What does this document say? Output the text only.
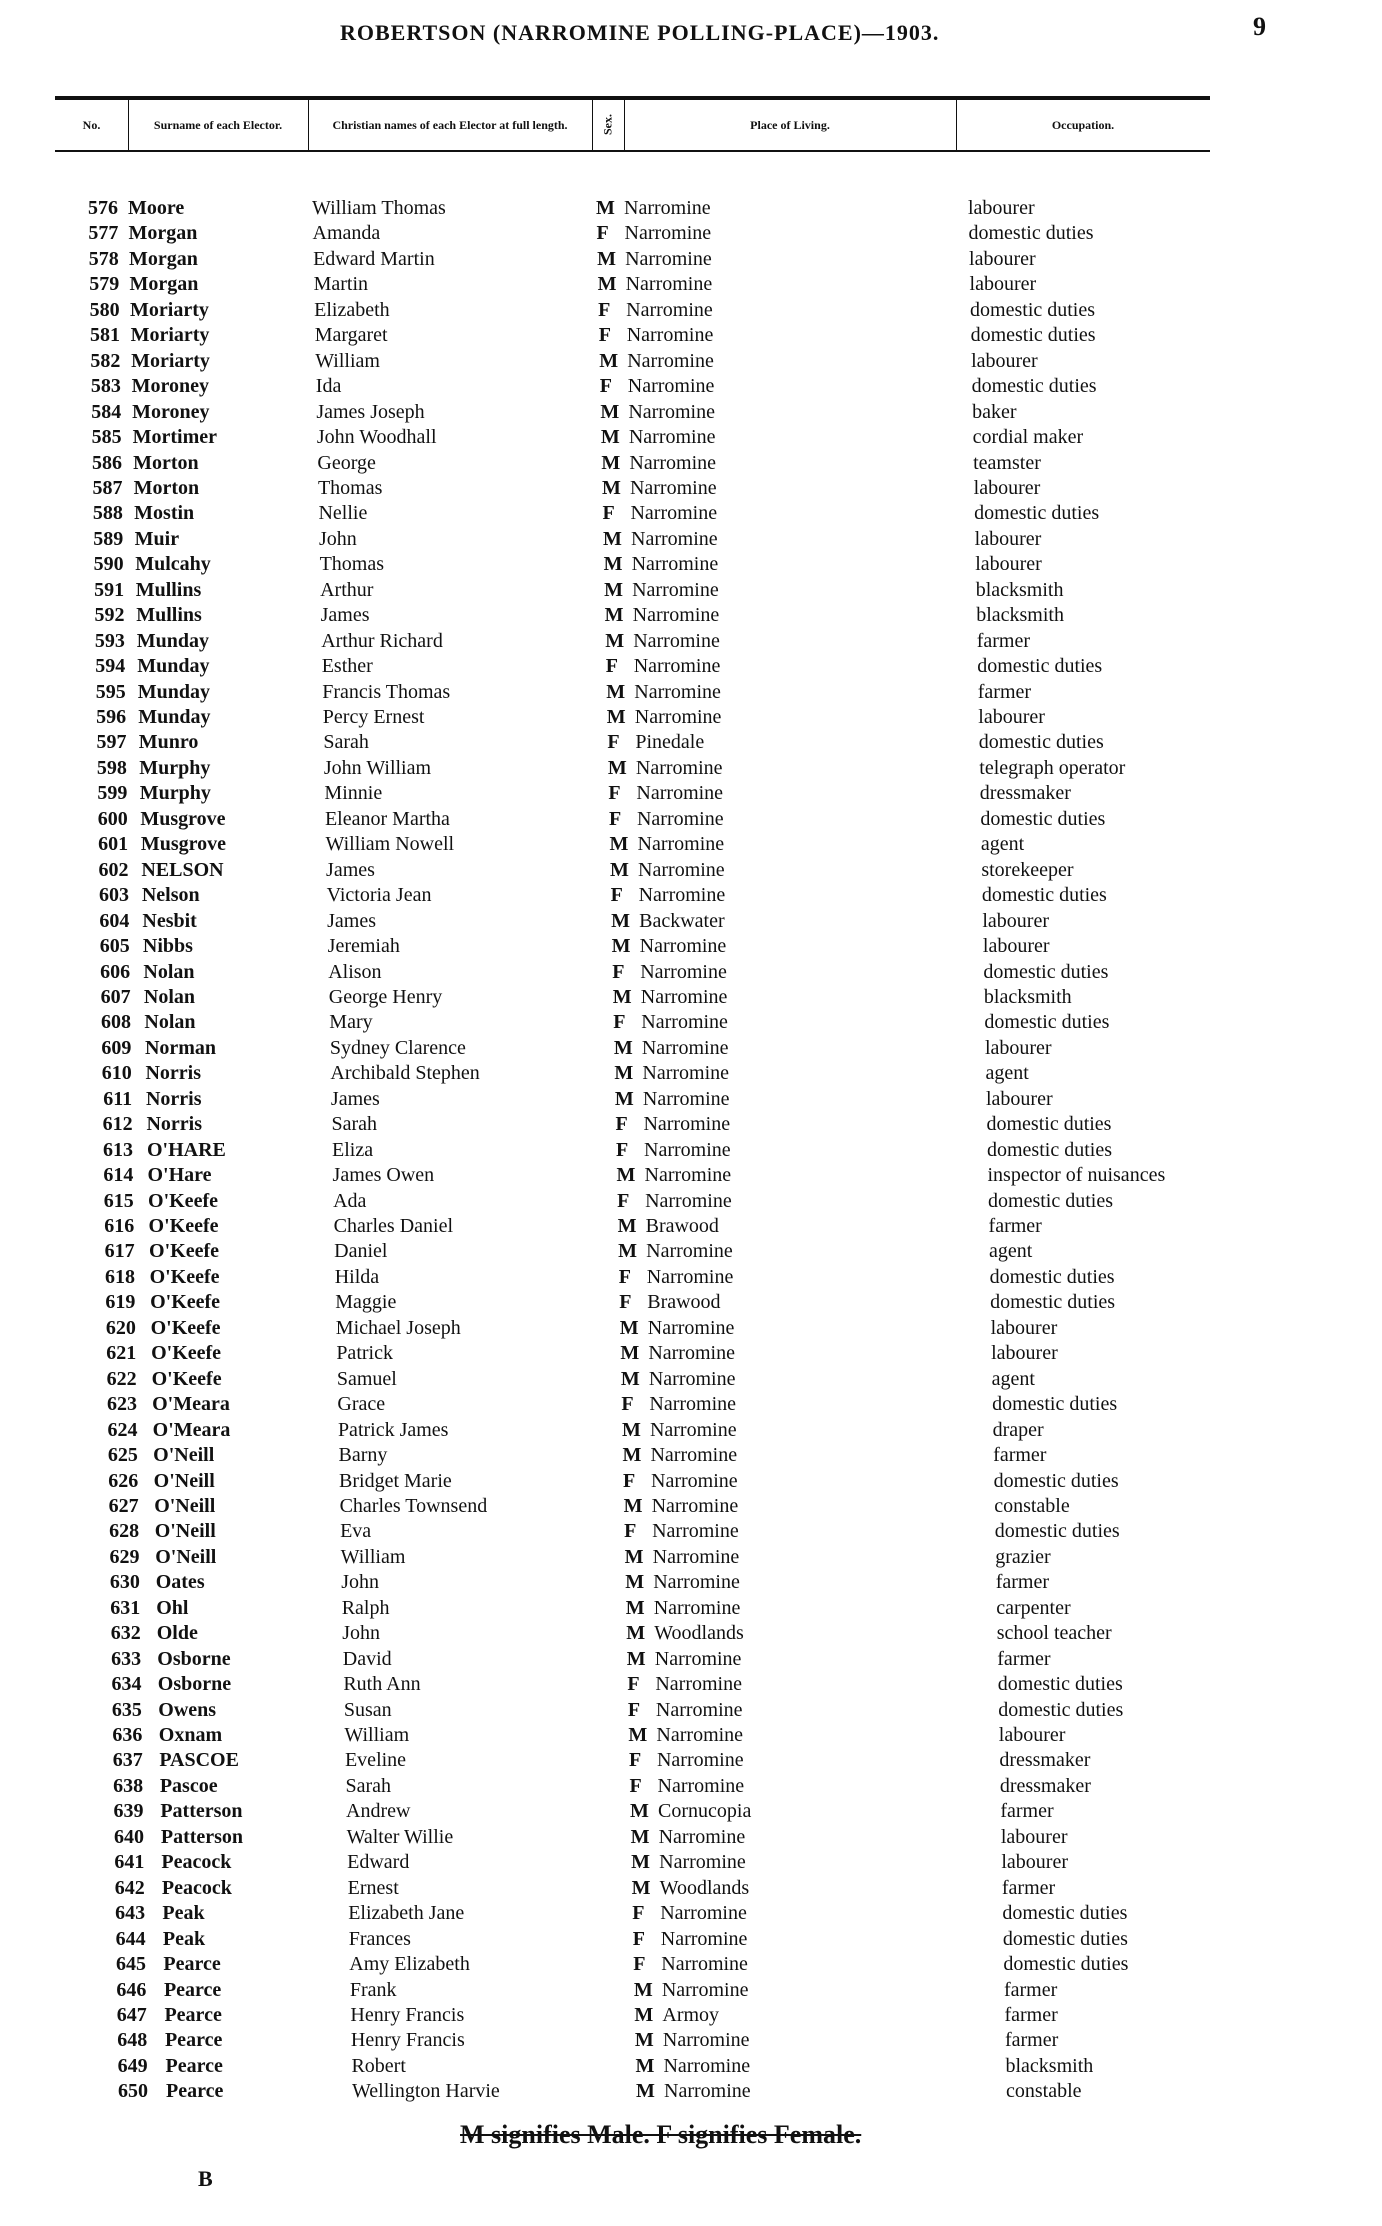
ROBERTSON (NARROMINE POLLING-PLACE)—1903.	9
No.	Surname of each Elector.	Christian names of each Elector at full length.	Sex.	Place of Living.	Occupation.
576 Moore	William Thomas	M Narromine	labourer
577 Morgan	Amanda	F Narromine	domestic duties
578 Morgan	Edward Martin	M Narromine	labourer
579 Morgan	Martin	M Narromine	labourer
580 Moriarty	Elizabeth	F Narromine	domestic duties
581 Moriarty	Margaret	F Narromine	domestic duties
582 Moriarty	William	M Narromine	labourer
583 Moroney	Ida	F Narromine	domestic duties
584 Moroney	James Joseph	M Narromine	baker
585 Mortimer	John Woodhall	M Narromine	cordial maker
586 Morton	George	M Narromine	teamster
587 Morton	Thomas	M Narromine	labourer
588 Mostin	Nellie	F Narromine	domestic duties
589 Muir	John	M Narromine	labourer
590 Mulcahy	Thomas	M Narromine	labourer
591 Mullins	Arthur	M Narromine	blacksmith
592 Mullins	James	M Narromine	blacksmith
593 Munday	Arthur Richard	M Narromine	farmer
594 Munday	Esther	F Narromine	domestic duties
595 Munday	Francis Thomas	M Narromine	farmer
596 Munday	Percy Ernest	M Narromine	labourer
597 Munro	Sarah	F Pinedale	domestic duties
598 Murphy	John William	M Narromine	telegraph operator
599 Murphy	Minnie	F Narromine	dressmaker
600 Musgrove	Eleanor Martha	F Narromine	domestic duties
601 Musgrove	William Nowell	M Narromine	agent
602 NELSON	James	M Narromine	storekeeper
603 Nelson	Victoria Jean	F Narromine	domestic duties
604 Nesbit	James	M Backwater	labourer
605 Nibbs	Jeremiah	M Narromine	labourer
606 Nolan	Alison	F Narromine	domestic duties
607 Nolan	George Henry	M Narromine	blacksmith
608 Nolan	Mary	F Narromine	domestic duties
609 Norman	Sydney Clarence	M Narromine	labourer
610 Norris	Archibald Stephen	M Narromine	agent
611 Norris	James	M Narromine	labourer
612 Norris	Sarah	F Narromine	domestic duties
613 O'HARE	Eliza	F Narromine	domestic duties
614 O'Hare	James Owen	M Narromine	inspector of nuisances
615 O'Keefe	Ada	F Narromine	domestic duties
616 O'Keefe	Charles Daniel	M Brawood	farmer
617 O'Keefe	Daniel	M Narromine	agent
618 O'Keefe	Hilda	F Narromine	domestic duties
619 O'Keefe	Maggie	F Brawood	domestic duties
620 O'Keefe	Michael Joseph	M Narromine	labourer
621 O'Keefe	Patrick	M Narromine	labourer
622 O'Keefe	Samuel	M Narromine	agent
623 O'Meara	Grace	F Narromine	domestic duties
624 O'Meara	Patrick James	M Narromine	draper
625 O'Neill	Barny	M Narromine	farmer
626 O'Neill	Bridget Marie	F Narromine	domestic duties
627 O'Neill	Charles Townsend	M Narromine	constable
628 O'Neill	Eva	F Narromine	domestic duties
629 O'Neill	William	M Narromine	grazier
630 Oates	John	M Narromine	farmer
631 Ohl	Ralph	M Narromine	carpenter
632 Olde	John	M Woodlands	school teacher
633 Osborne	David	M Narromine	farmer
634 Osborne	Ruth Ann	F Narromine	domestic duties
635 Owens	Susan	F Narromine	domestic duties
636 Oxnam	William	M Narromine	labourer
637 PASCOE	Eveline	F Narromine	dressmaker
638 Pascoe	Sarah	F Narromine	dressmaker
639 Patterson	Andrew	M Cornucopia	farmer
640 Patterson	Walter Willie	M Narromine	labourer
641 Peacock	Edward	M Narromine	labourer
642 Peacock	Ernest	M Woodlands	farmer
643 Peak	Elizabeth Jane	F Narromine	domestic duties
644 Peak	Frances	F Narromine	domestic duties
645 Pearce	Amy Elizabeth	F Narromine	domestic duties
646 Pearce	Frank	M Narromine	farmer
647 Pearce	Henry Francis	M Armoy	farmer
648 Pearce	Henry Francis	M Narromine	farmer
649 Pearce	Robert	M Narromine	blacksmith
650 Pearce	Wellington Harvie	M Narromine	constable
M signifies Male. F signifies Female.
B
